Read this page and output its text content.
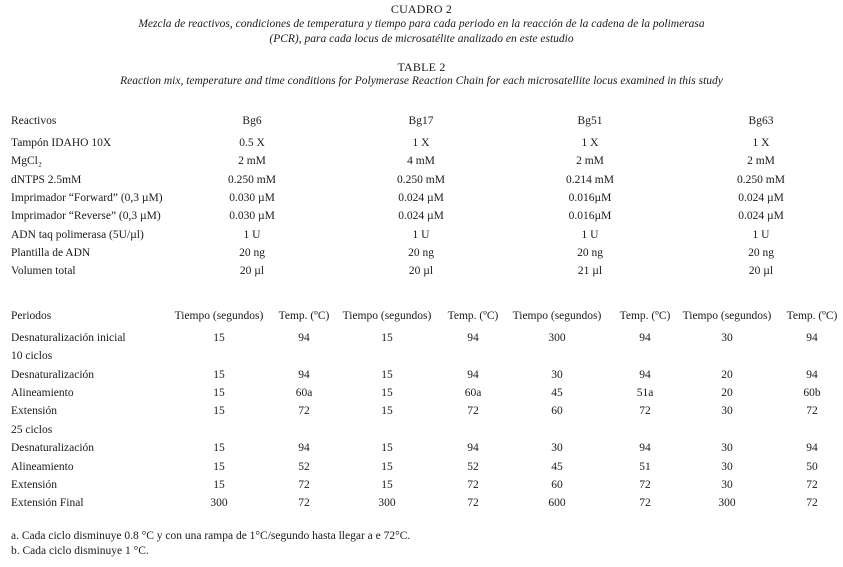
CUADRO 2
Mezcla de reactivos, condiciones de temperatura y tiempo para cada periodo en la reacción de la cadena de la polimerasa
(PCR), para cada locus de microsatélite analizado en este estudio
TABLE 2
Reaction mix, temperature and time conditions for Polymerase Reaction Chain for each microsatellite locus examined in this study
Reactivos	Bg6	Bg17	Bg51	Bg63
Tampón IDAHO 10X	0.5 X	1 X	1 X	1 X
MgCl₂	2 mM	4 mM	2 mM	2 mM
dNTPS 2.5mM	0.250 mM	0.250 mM	0.214 mM	0.250 mM
Imprimador “Forward” (0,3 µM)	0.030 µM	0.024 µM	0.016µM	0.024 µM
Imprimador “Reverse” (0,3 µM)	0.030 µM	0.024 µM	0.016µM	0.024 µM
ADN taq polimerasa (5U/µl)	1 U	1 U	1 U	1 U
Plantilla de ADN	20 ng	20 ng	20 ng	20 ng
Volumen total	20 µl	20 µl	21 µl	20 µl
Periodos	Tiempo (segundos)	Temp. (ºC)	Tiempo (segundos)	Temp. (ºC)	Tiempo (segundos)	Temp. (ºC)	Tiempo (segundos)	Temp. (ºC)
Desnaturalización inicial	15	94	15	94	300	94	30	94
10 ciclos
Desnaturalización	15	94	15	94	30	94	20	94
Alineamiento	15	60a	15	60a	45	51a	20	60b
Extensión	15	72	15	72	60	72	30	72
25 ciclos
Desnaturalización	15	94	15	94	30	94	30	94
Alineamiento	15	52	15	52	45	51	30	50
Extensión	15	72	15	72	60	72	30	72
Extensión Final	300	72	300	72	600	72	300	72
a. Cada ciclo disminuye 0.8 °C y con una rampa de 1°C/segundo hasta llegar a e 72°C.
b. Cada ciclo disminuye 1 °C.
